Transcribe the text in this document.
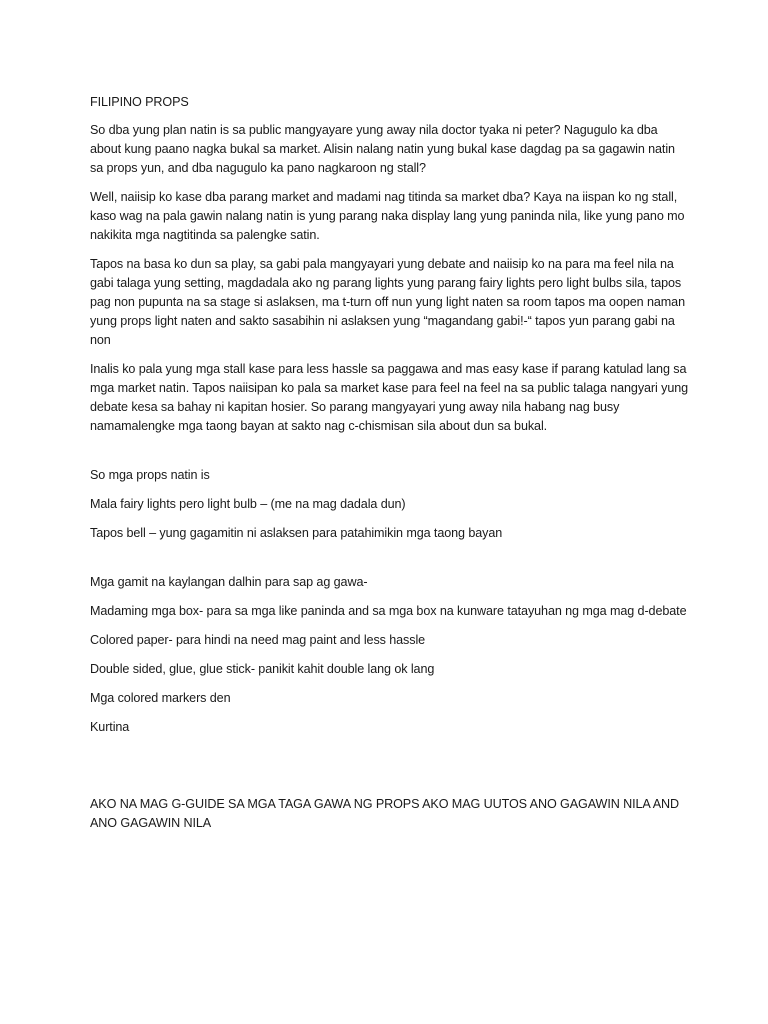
FILIPINO PROPS

So dba yung plan natin is sa public mangyayare yung away nila doctor tyaka ni peter? Nagugulo ka dba about kung paano nagka bukal sa market. Alisin nalang natin yung bukal kase dagdag pa sa gagawin natin sa props yun, and dba nagugulo ka pano nagkaroon ng stall?

Well, naiisip ko kase dba parang market and madami nag titinda sa market dba? Kaya na iispan ko ng stall, kaso wag na pala gawin nalang natin is yung parang naka display lang yung paninda nila, like yung pano mo nakikita mga nagtitinda sa palengke satin.

Tapos na basa ko dun sa play, sa gabi pala mangyayari yung debate and naiisip ko na para ma feel nila na gabi talaga yung setting, magdadala ako ng parang lights yung parang fairy lights pero light bulbs sila, tapos pag non pupunta na sa stage si aslaksen, ma t-turn off nun yung light naten sa room tapos ma oopen naman yung props light naten and sakto sasabihin ni aslaksen yung “magandang gabi!-“ tapos yun parang gabi na non

Inalis ko pala yung mga stall kase para less hassle sa paggawa and mas easy kase if parang katulad lang sa mga market natin. Tapos naiisipan ko pala sa market kase para feel na feel na sa public talaga nangyari yung debate kesa sa bahay ni kapitan hosier. So parang mangyayari yung away nila habang nag busy namamalengke mga taong bayan at sakto nag c-chismisan sila about dun sa bukal.

So mga props natin is

Mala fairy lights pero light bulb – (me na mag dadala dun)

Tapos bell – yung gagamitin ni aslaksen para patahimikin mga taong bayan

Mga gamit na kaylangan dalhin para sap ag gawa-

Madaming mga box- para sa mga like paninda and sa mga box na kunware tatayuhan ng mga mag d-debate

Colored paper- para hindi na need mag paint and less hassle

Double sided, glue, glue stick- panikit kahit double lang ok lang

Mga colored markers den

Kurtina

AKO NA MAG G-GUIDE SA MGA TAGA GAWA NG PROPS AKO MAG UUTOS ANO GAGAWIN NILA AND ANO GAGAWIN NILA
